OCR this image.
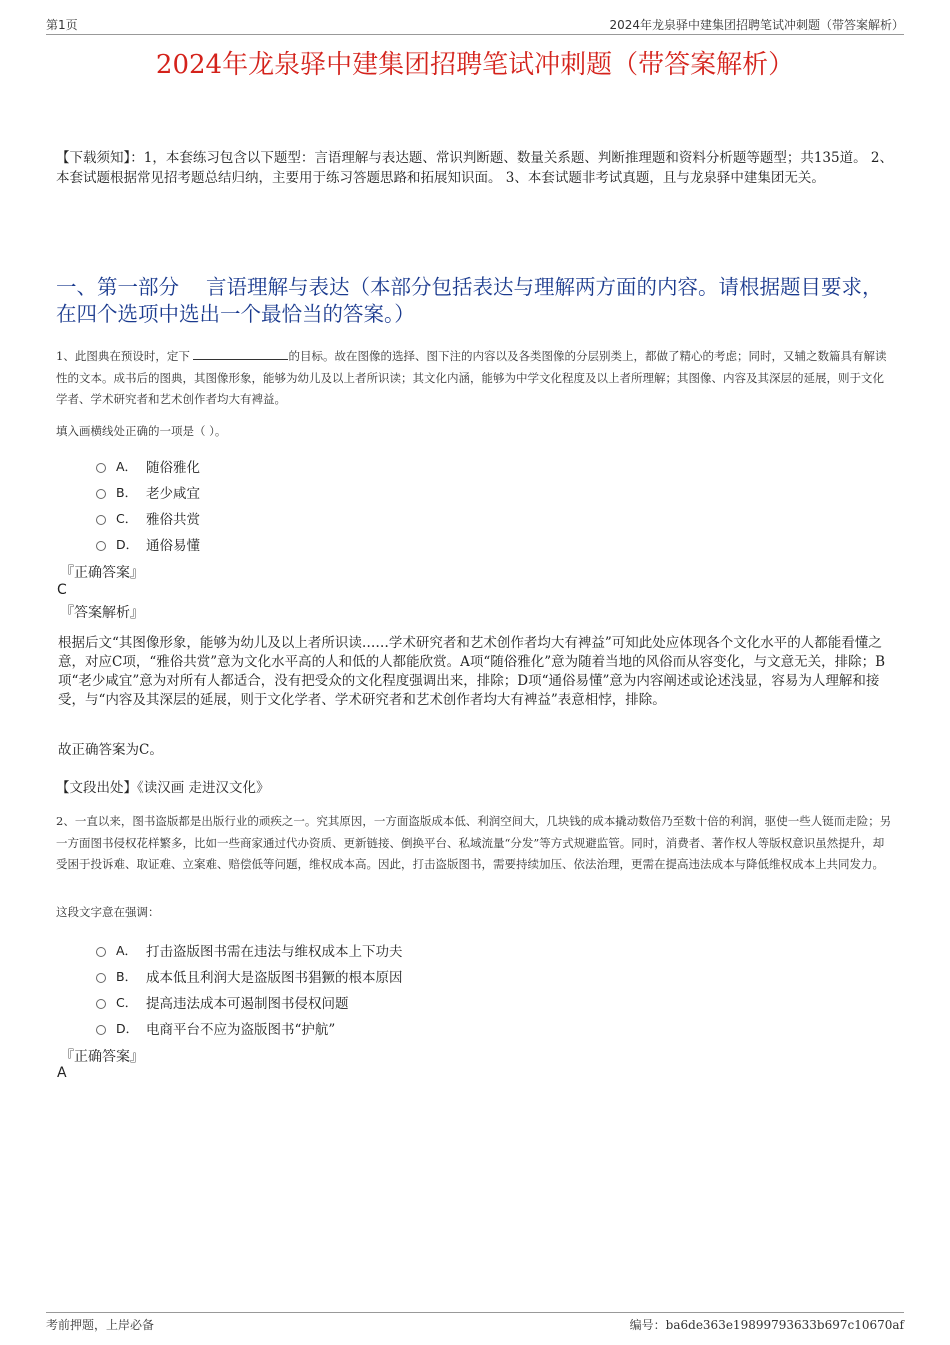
第1页	2024年龙泉驿中建集团招聘笔试冲刺题（带答案解析）
2024年龙泉驿中建集团招聘笔试冲刺题（带答案解析）
【下载须知】：1，本套练习包含以下题型：言语理解与表达题、常识判断题、数量关系题、判断推理题和资料分析题等题型；共135道。 2、本套试题根据常见招考题总结归纳，主要用于练习答题思路和拓展知识面。 3、本套试题非考试真题，且与龙泉驿中建集团无关。
一、第一部分　 言语理解与表达（本部分包括表达与理解两方面的内容。请根据题目要求，在四个选项中选出一个最恰当的答案。）
1、此图典在预设时，定下	的目标。故在图像的选择、图下注的内容以及各类图像的分层别类上，都做了精心的考虑；同时，又辅之数篇具有解读性的文本。成书后的图典，其图像形象，能够为幼儿及以上者所识读；其文化内涵，能够为中学文化程度及以上者所理解；其图像、内容及其深层的延展，则于文化学者、学术研究者和艺术创作者均大有裨益。
填入画横线处正确的一项是（ ）。
A． 随俗雅化
B． 老少咸宜
C． 雅俗共赏
D． 通俗易懂
『正确答案』
C
『答案解析』
根据后文“其图像形象，能够为幼儿及以上者所识读……学术研究者和艺术创作者均大有裨益”可知此处应体现各个文化水平的人都能看懂之意，对应C项，“雅俗共赏”意为文化水平高的人和低的人都能欣赏。A项“随俗雅化”意为随着当地的风俗而从容变化，与文意无关，排除；B项“老少咸宜”意为对所有人都适合，没有把受众的文化程度强调出来，排除；D项“通俗易懂”意为内容阐述或论述浅显，容易为人理解和接受，与“内容及其深层的延展，则于文化学者、学术研究者和艺术创作者均大有裨益”表意相悖，排除。
故正确答案为C。
【文段出处】《读汉画 走进汉文化》
2、一直以来，图书盗版都是出版行业的顽疾之一。究其原因，一方面盗版成本低、利润空间大，几块钱的成本撬动数倍乃至数十倍的利润，驱使一些人铤而走险；另一方面图书侵权花样繁多，比如一些商家通过代办资质、更新链接、倒换平台、私域流量“分发”等方式规避监管。同时，消费者、著作权人等版权意识虽然提升，却受困于投诉难、取证难、立案难、赔偿低等问题，维权成本高。因此，打击盗版图书，需要持续加压、依法治理，更需在提高违法成本与降低维权成本上共同发力。
这段文字意在强调：
A． 打击盗版图书需在违法与维权成本上下功夫
B． 成本低且利润大是盗版图书猖獗的根本原因
C． 提高违法成本可遏制图书侵权问题
D． 电商平台不应为盗版图书“护航”
『正确答案』
A
考前押题，上岸必备	编号：ba6de363e19899793633b697c10670af
